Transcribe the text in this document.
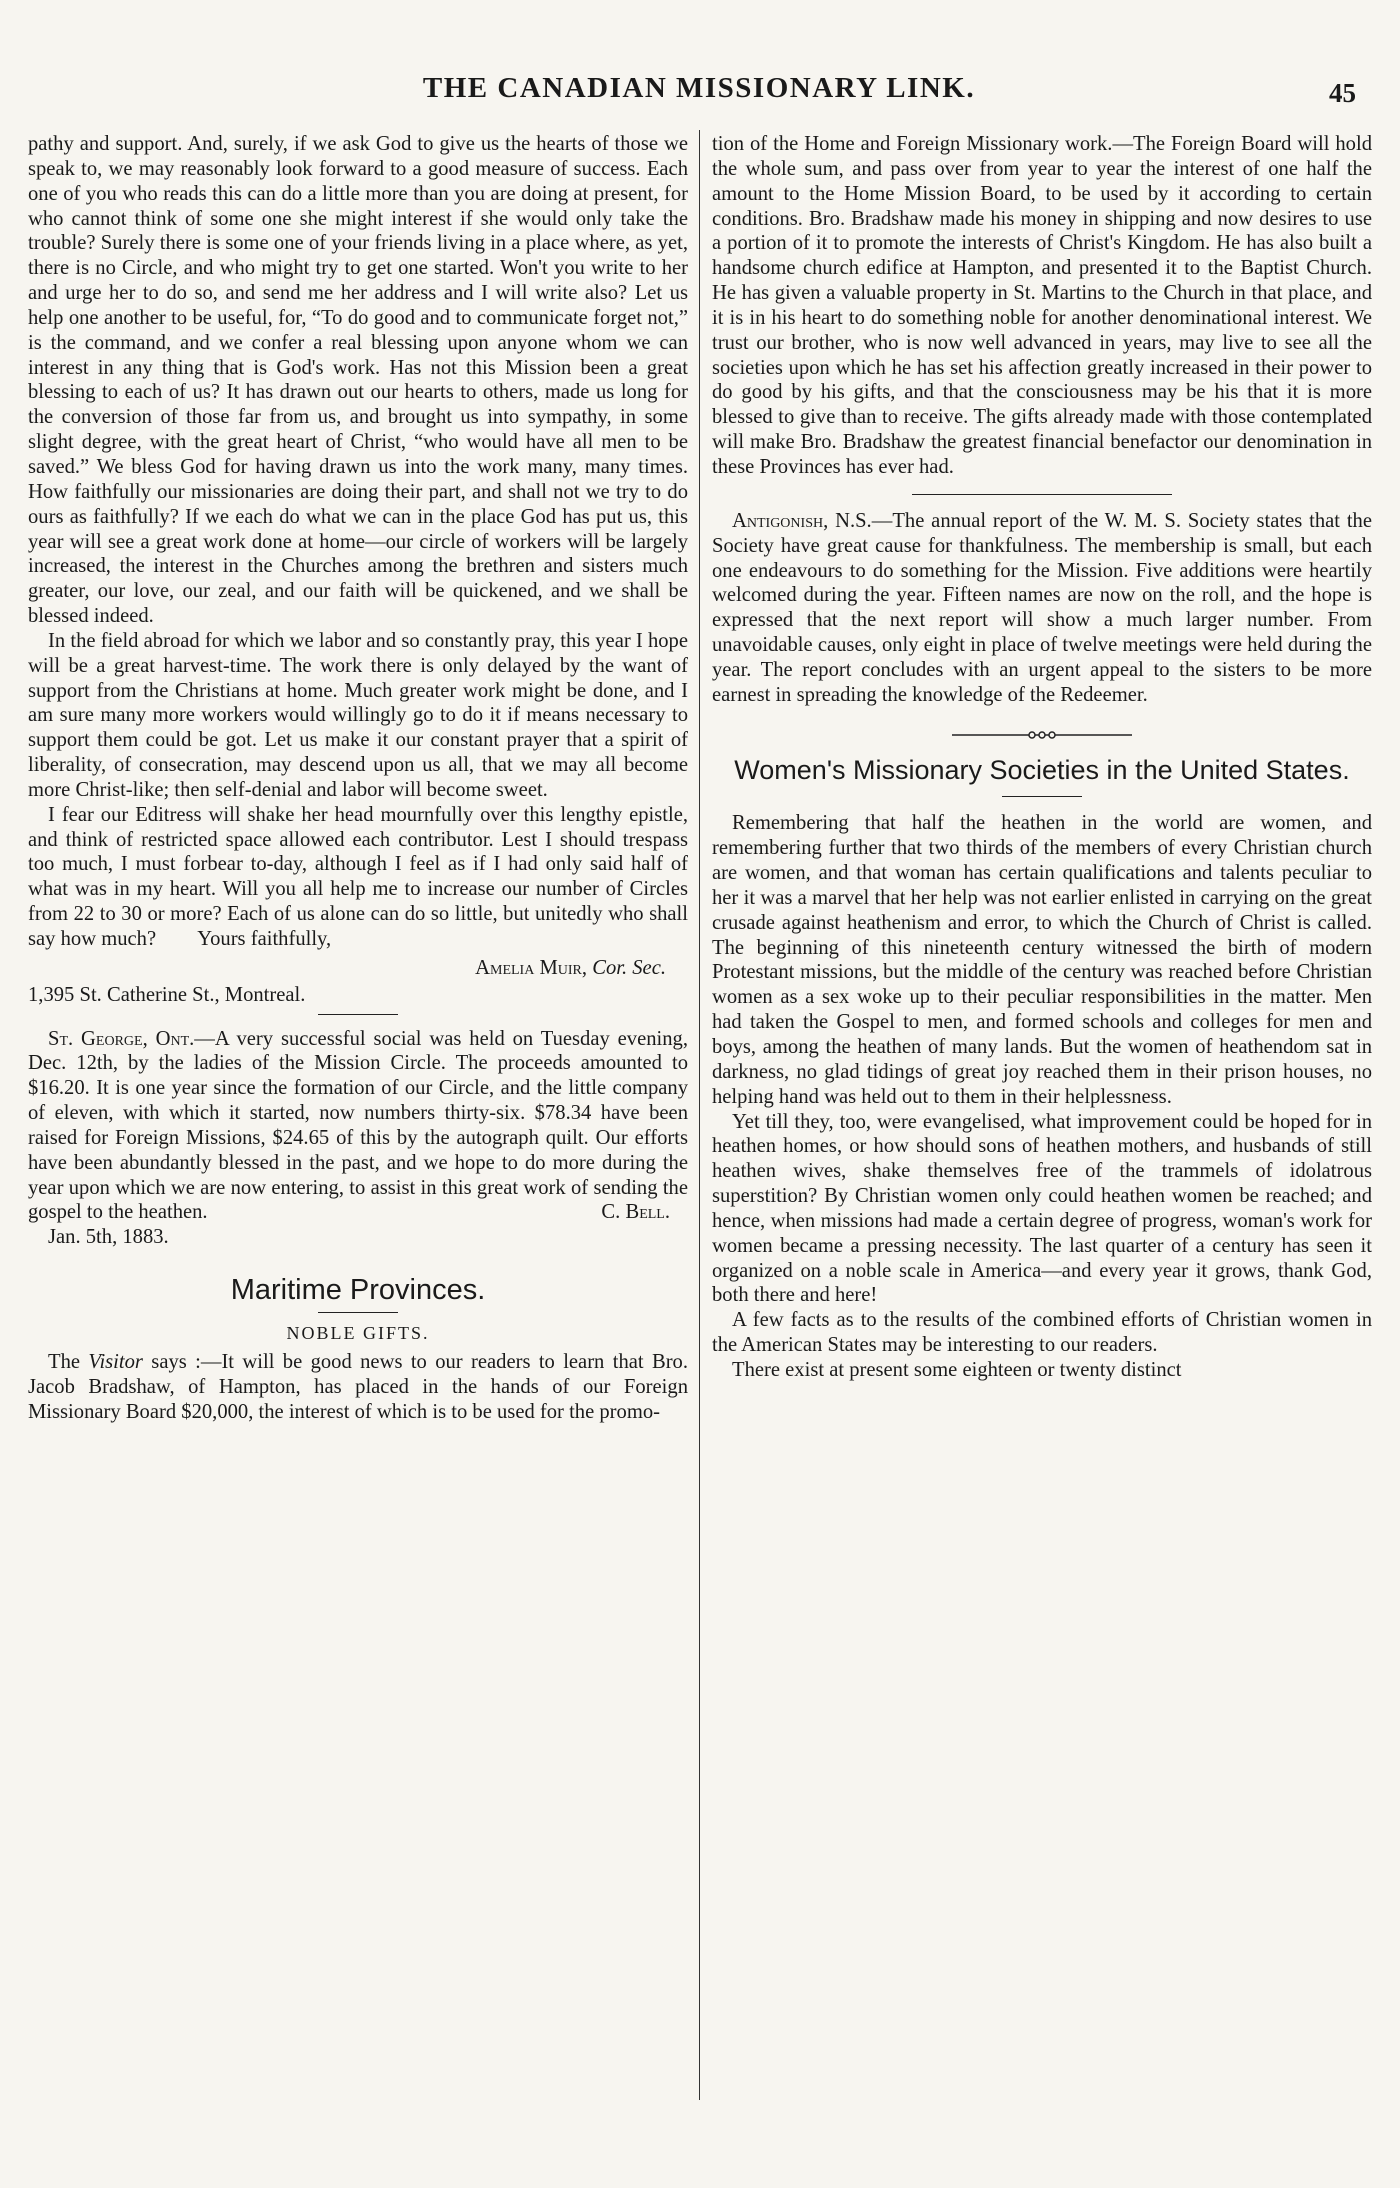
THE CANADIAN MISSIONARY LINK.	45

pathy and support. And, surely, if we ask God to give us the hearts of those we speak to, we may reasonably look forward to a good measure of success. Each one of you who reads this can do a little more than you are doing at present, for who cannot think of some one she might interest if she would only take the trouble? Surely there is some one of your friends living in a place where, as yet, there is no Circle, and who might try to get one started. Won't you write to her and urge her to do so, and send me her address and I will write also? Let us help one another to be useful, for, “To do good and to communicate forget not,” is the command, and we confer a real blessing upon anyone whom we can interest in any thing that is God's work. Has not this Mission been a great blessing to each of us? It has drawn out our hearts to others, made us long for the conversion of those far from us, and brought us into sympathy, in some slight degree, with the great heart of Christ, “who would have all men to be saved.” We bless God for having drawn us into the work many, many times. How faithfully our missionaries are doing their part, and shall not we try to do ours as faithfully? If we each do what we can in the place God has put us, this year will see a great work done at home—our circle of workers will be largely increased, the interest in the Churches among the brethren and sisters much greater, our love, our zeal, and our faith will be quickened, and we shall be blessed indeed.

In the field abroad for which we labor and so constantly pray, this year I hope will be a great harvest-time. The work there is only delayed by the want of support from the Christians at home. Much greater work might be done, and I am sure many more workers would willingly go to do it if means necessary to support them could be got. Let us make it our constant prayer that a spirit of liberality, of consecration, may descend upon us all, that we may all become more Christ-like; then self-denial and labor will become sweet.

I fear our Editress will shake her head mournfully over this lengthy epistle, and think of restricted space allowed each contributor. Lest I should trespass too much, I must forbear to-day, although I feel as if I had only said half of what was in my heart. Will you all help me to increase our number of Circles from 22 to 30 or more? Each of us alone can do so little, but unitedly who shall say how much?  Yours faithfully,

Amelia Muir, Cor. Sec.

1,395 St. Catherine St., Montreal.

St. George, Ont.—A very successful social was held on Tuesday evening, Dec. 12th, by the ladies of the Mission Circle. The proceeds amounted to $16.20. It is one year since the formation of our Circle, and the little company of eleven, with which it started, now numbers thirty-six. $78.34 have been raised for Foreign Missions, $24.65 of this by the autograph quilt. Our efforts have been abundantly blessed in the past, and we hope to do more during the year upon which we are now entering, to assist in this great work of sending the gospel to the heathen.	C. Bell.

Jan. 5th, 1883.

Maritime Provinces.
NOBLE GIFTS.

The Visitor says :—It will be good news to our readers to learn that Bro. Jacob Bradshaw, of Hampton, has placed in the hands of our Foreign Missionary Board $20,000, the interest of which is to be used for the promo-

tion of the Home and Foreign Missionary work.—The Foreign Board will hold the whole sum, and pass over from year to year the interest of one half the amount to the Home Mission Board, to be used by it according to certain conditions. Bro. Bradshaw made his money in shipping and now desires to use a portion of it to promote the interests of Christ's Kingdom. He has also built a handsome church edifice at Hampton, and presented it to the Baptist Church. He has given a valuable property in St. Martins to the Church in that place, and it is in his heart to do something noble for another denominational interest. We trust our brother, who is now well advanced in years, may live to see all the societies upon which he has set his affection greatly increased in their power to do good by his gifts, and that the consciousness may be his that it is more blessed to give than to receive. The gifts already made with those contemplated will make Bro. Bradshaw the greatest financial benefactor our denomination in these Provinces has ever had.

Antigonish, N.S.—The annual report of the W. M. S. Society states that the Society have great cause for thankfulness. The membership is small, but each one endeavours to do something for the Mission. Five additions were heartily welcomed during the year. Fifteen names are now on the roll, and the hope is expressed that the next report will show a much larger number. From unavoidable causes, only eight in place of twelve meetings were held during the year. The report concludes with an urgent appeal to the sisters to be more earnest in spreading the knowledge of the Redeemer.

Women's Missionary Societies in the United States.

Remembering that half the heathen in the world are women, and remembering further that two thirds of the members of every Christian church are women, and that woman has certain qualifications and talents peculiar to her it was a marvel that her help was not earlier enlisted in carrying on the great crusade against heathenism and error, to which the Church of Christ is called. The beginning of this nineteenth century witnessed the birth of modern Protestant missions, but the middle of the century was reached before Christian women as a sex woke up to their peculiar responsibilities in the matter. Men had taken the Gospel to men, and formed schools and colleges for men and boys, among the heathen of many lands. But the women of heathendom sat in darkness, no glad tidings of great joy reached them in their prison houses, no helping hand was held out to them in their helplessness.

Yet till they, too, were evangelised, what improvement could be hoped for in heathen homes, or how should sons of heathen mothers, and husbands of still heathen wives, shake themselves free of the trammels of idolatrous superstition? By Christian women only could heathen women be reached; and hence, when missions had made a certain degree of progress, woman's work for women became a pressing necessity. The last quarter of a century has seen it organized on a noble scale in America—and every year it grows, thank God, both there and here!

A few facts as to the results of the combined efforts of Christian women in the American States may be interesting to our readers.

There exist at present some eighteen or twenty distinct
